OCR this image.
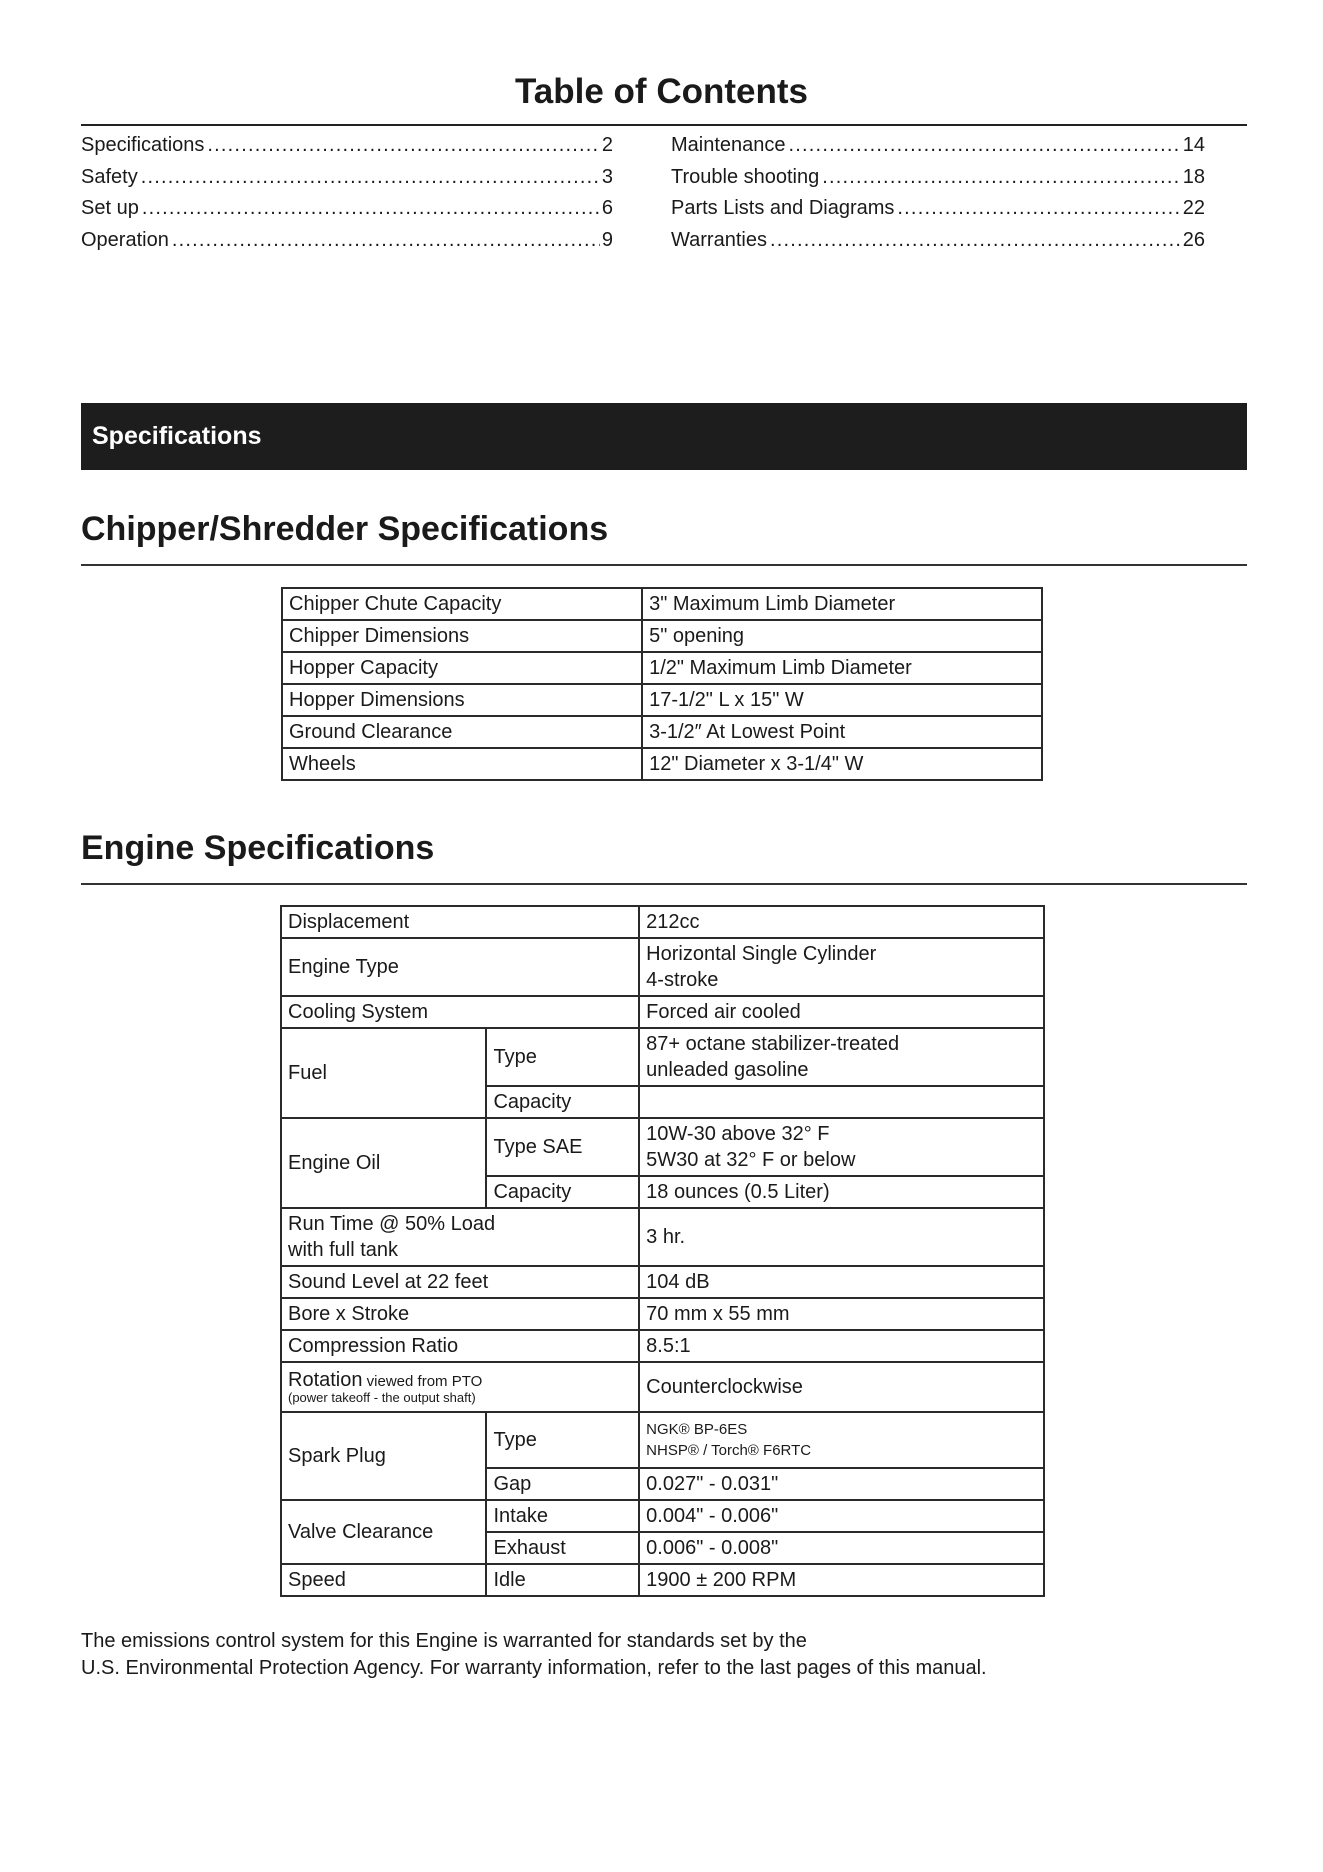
Table of Contents
Specifications .....	2
Safety .....	3
Set up .....	6
Operation .....	9
Maintenance .....	14
Trouble shooting .....	18
Parts Lists and Diagrams .....	22
Warranties .....	26
Specifications
Chipper/Shredder Specifications
Chipper Chute Capacity	3" Maximum Limb Diameter
Chipper Dimensions	5" opening
Hopper Capacity	1/2" Maximum Limb Diameter
Hopper Dimensions	17-1/2" L x 15" W
Ground Clearance	3-1/2″ At Lowest Point
Wheels	12" Diameter x 3-1/4" W
Engine Specifications
Displacement		212cc
Engine Type		Horizontal Single Cylinder
4-stroke

Cooling System		Forced air cooled
Fuel	Type	87+ octane stabilizer-treated
unleaded gasoline

	Capacity	
Engine Oil	Type SAE	10W-30 above 32° F
5W30 at 32° F or below

	Capacity	18 ounces (0.5 Liter)

Run Time @ 50% Load
with full tank		3 hr.
Sound Level at 22 feet		104 dB
Bore x Stroke		70 mm x 55 mm
Compression Ratio		8.5:1

Rotation viewed from PTO
(power takeoff - the output shaft)		Counterclockwise
Spark Plug	Type	NGK® BP-6ES
NHSP® / Torch® F6RTC

	Gap	0.027" - 0.031"
Valve Clearance	Intake	0.004" - 0.006"
	Exhaust	0.006" - 0.008"
Speed	Idle	1900 ± 200 RPM

The emissions control system for this Engine is warranted for standards set by the
U.S. Environmental Protection Agency. For warranty information, refer to the last pages of this manual.
